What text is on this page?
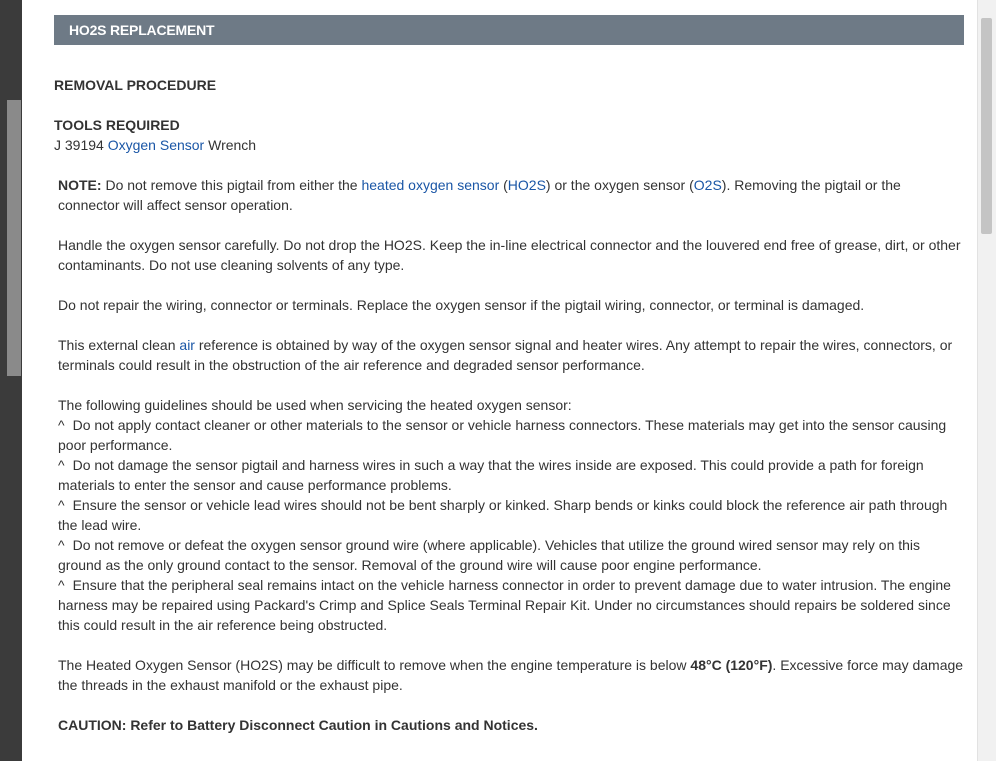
HO2S REPLACEMENT
REMOVAL PROCEDURE
TOOLS REQUIRED

J 39194 Oxygen Sensor Wrench

NOTE: Do not remove this pigtail from either the heated oxygen sensor (HO2S) or the oxygen sensor (O2S). Removing the pigtail or the connector will affect sensor operation.

Handle the oxygen sensor carefully. Do not drop the HO2S. Keep the in-line electrical connector and the louvered end free of grease, dirt, or other contaminants. Do not use cleaning solvents of any type.

Do not repair the wiring, connector or terminals. Replace the oxygen sensor if the pigtail wiring, connector, or terminal is damaged.

This external clean air reference is obtained by way of the oxygen sensor signal and heater wires. Any attempt to repair the wires, connectors, or terminals could result in the obstruction of the air reference and degraded sensor performance.

The following guidelines should be used when servicing the heated oxygen sensor:

^ Do not apply contact cleaner or other materials to the sensor or vehicle harness connectors. These materials may get into the sensor causing poor performance.

^ Do not damage the sensor pigtail and harness wires in such a way that the wires inside are exposed. This could provide a path for foreign materials to enter the sensor and cause performance problems.

^ Ensure the sensor or vehicle lead wires should not be bent sharply or kinked. Sharp bends or kinks could block the reference air path through the lead wire.

^ Do not remove or defeat the oxygen sensor ground wire (where applicable). Vehicles that utilize the ground wired sensor may rely on this ground as the only ground contact to the sensor. Removal of the ground wire will cause poor engine performance.

^ Ensure that the peripheral seal remains intact on the vehicle harness connector in order to prevent damage due to water intrusion. The engine harness may be repaired using Packard's Crimp and Splice Seals Terminal Repair Kit. Under no circumstances should repairs be soldered since this could result in the air reference being obstructed.

The Heated Oxygen Sensor (HO2S) may be difficult to remove when the engine temperature is below 48°C (120°F). Excessive force may damage the threads in the exhaust manifold or the exhaust pipe.

CAUTION: Refer to Battery Disconnect Caution in Cautions and Notices.
